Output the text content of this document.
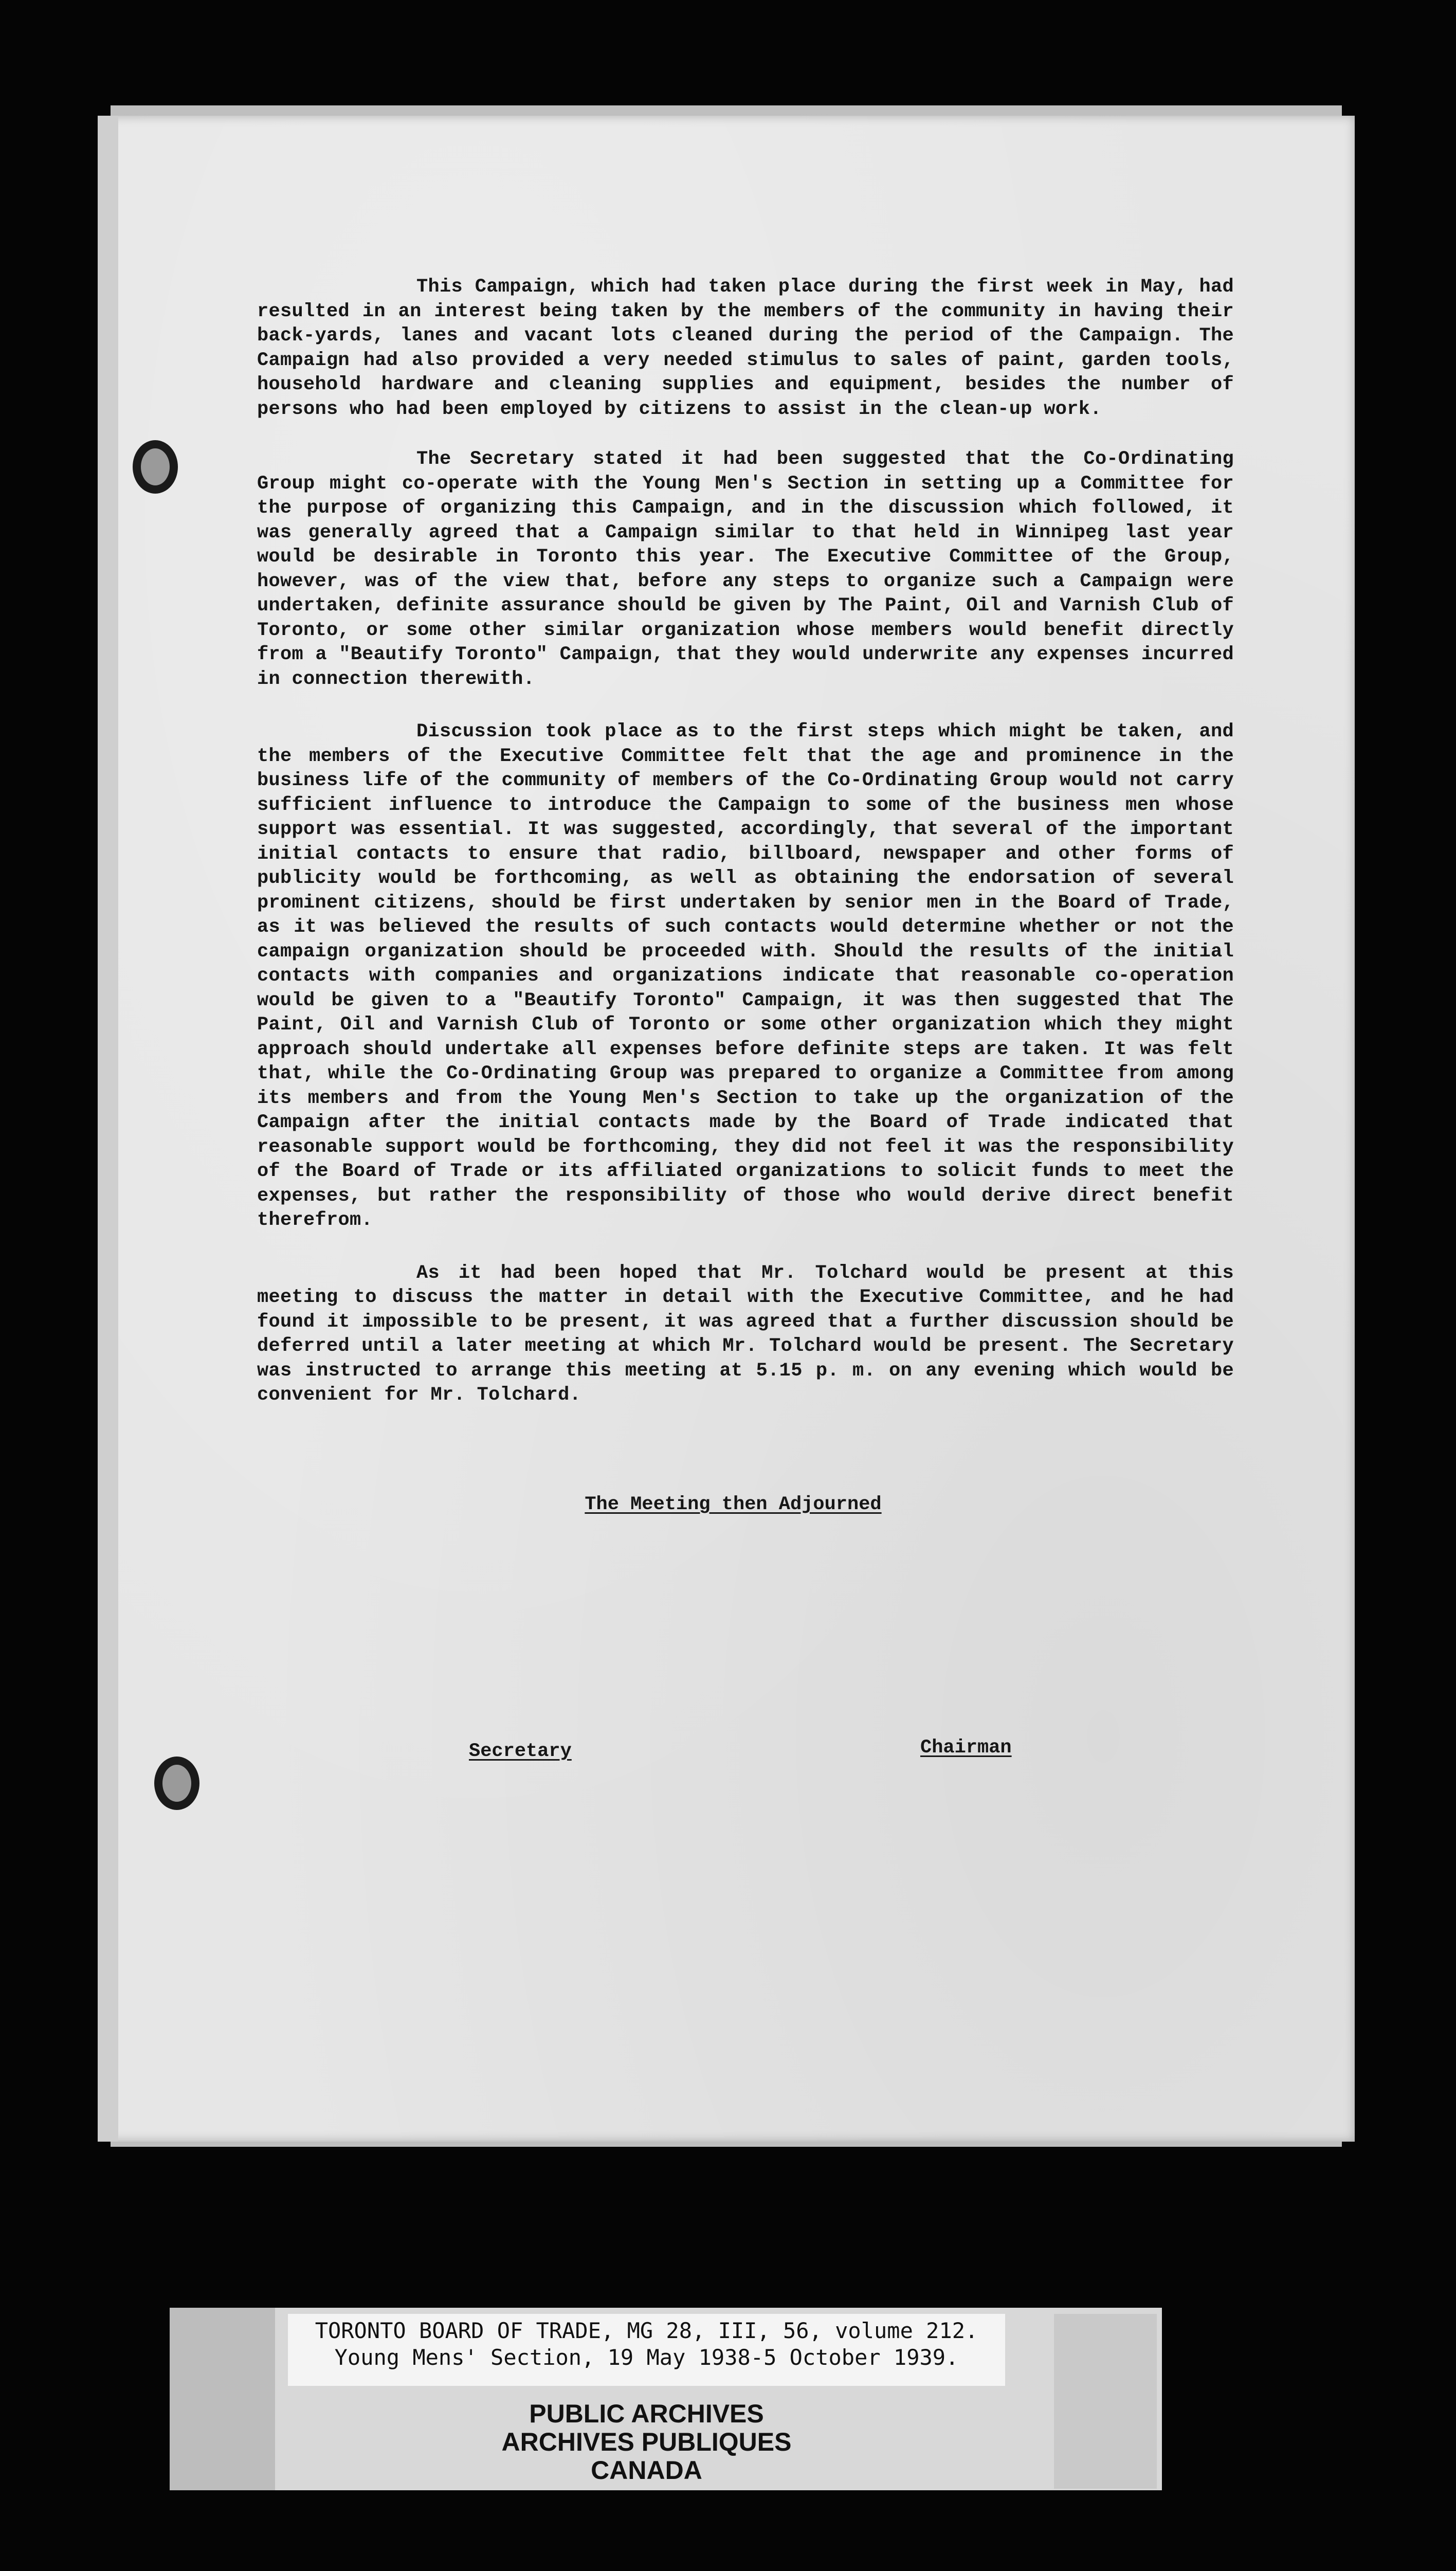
This Campaign, which had taken place during the first week in May, had resulted in an interest being taken by the members of the community in having their back-yards, lanes and vacant lots cleaned during the period of the Campaign. The Campaign had also provided a very needed stimulus to sales of paint, garden tools, household hardware and cleaning supplies and equipment, besides the number of persons who had been employed by citizens to assist in the clean-up work.

The Secretary stated it had been suggested that the Co-Ordinating Group might co-operate with the Young Men's Section in setting up a Committee for the purpose of organizing this Campaign, and in the discussion which followed, it was generally agreed that a Campaign similar to that held in Winnipeg last year would be desirable in Toronto this year. The Executive Committee of the Group, however, was of the view that, before any steps to organize such a Campaign were undertaken, definite assurance should be given by The Paint, Oil and Varnish Club of Toronto, or some other similar organization whose members would benefit directly from a "Beautify Toronto" Campaign, that they would underwrite any expenses incurred in connection therewith.

Discussion took place as to the first steps which might be taken, and the members of the Executive Committee felt that the age and prominence in the business life of the community of members of the Co-Ordinating Group would not carry sufficient influence to introduce the Campaign to some of the business men whose support was essential. It was suggested, accordingly, that several of the important initial contacts to ensure that radio, billboard, newspaper and other forms of publicity would be forthcoming, as well as obtaining the endorsation of several prominent citizens, should be first undertaken by senior men in the Board of Trade, as it was believed the results of such contacts would determine whether or not the campaign organization should be proceeded with. Should the results of the initial contacts with companies and organizations indicate that reasonable co-operation would be given to a "Beautify Toronto" Campaign, it was then suggested that The Paint, Oil and Varnish Club of Toronto or some other organization which they might approach should undertake all expenses before definite steps are taken. It was felt that, while the Co-Ordinating Group was prepared to organize a Committee from among its members and from the Young Men's Section to take up the organization of the Campaign after the initial contacts made by the Board of Trade indicated that reasonable support would be forthcoming, they did not feel it was the responsibility of the Board of Trade or its affiliated organizations to solicit funds to meet the expenses, but rather the responsibility of those who would derive direct benefit therefrom.

As it had been hoped that Mr. Tolchard would be present at this meeting to discuss the matter in detail with the Executive Committee, and he had found it impossible to be present, it was agreed that a further discussion should be deferred until a later meeting at which Mr. Tolchard would be present. The Secretary was instructed to arrange this meeting at 5.15 p. m. on any evening which would be convenient for Mr. Tolchard.

The Meeting then Adjourned
Secretary	Chairman
TORONTO BOARD OF TRADE, MG 28, III, 56, volume 212.
Young Mens' Section, 19 May 1938-5 October 1939.
PUBLIC ARCHIVES
ARCHIVES PUBLIQUES
CANADA
